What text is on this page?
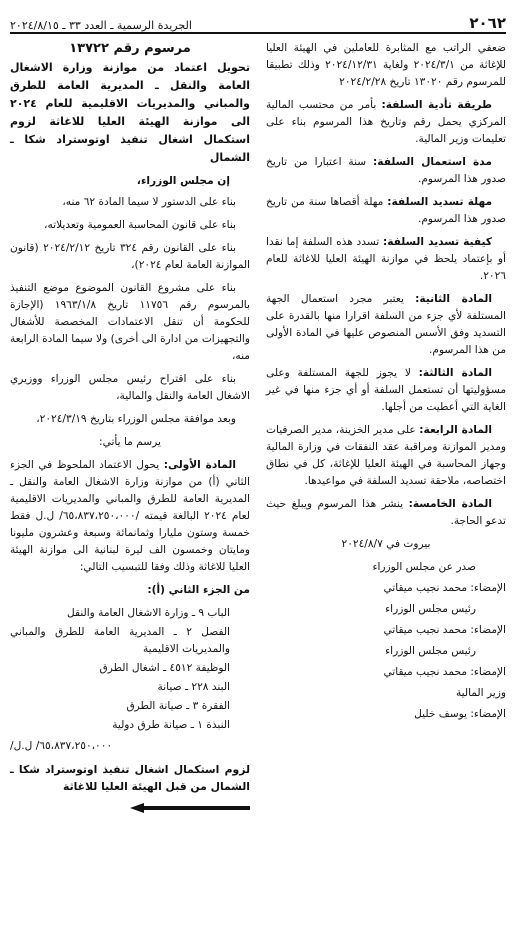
٢٠٦٢
الجريدة الرسمية ـ العدد ٣٣ ـ ٢٠٢٤/٨/١٥

ضعفي الراتب مع المثابرة للعاملين في الهيئة العليا للإغاثة من ٢٠٢٤/٣/١ ولغاية ٢٠٢٤/١٢/٣١ وذلك تطبيقا للمرسوم رقم ١٣٠٢٠ تاريخ ٢٠٢٤/٢/٢٨

طريقة تأدية السلفة: بأمر من محتسب المالية المركزي يحمل رقم وتاريخ هذا المرسوم بناء على تعليمات وزير المالية.

مدة استعمال السلفة: سنة اعتبارا من تاريخ صدور هذا المرسوم.

مهلة تسديد السلفة: مهلة أقصاها سنة من تاريخ صدور هذا المرسوم.

كيفية تسديد السلفة: تسدد هذه السلفة إما نقدا أو بإعتماد يلحظ في موازنة الهيئة العليا للاغاثة للعام ٢٠٢٦.

المادة الثانية: يعتبر مجرد استعمال الجهة المستلفة لأي جزء من السلفة اقرارا منها بالقدرة على التسديد وفق الأسس المنصوص عليها في المادة الأولى من هذا المرسوم.

المادة الثالثة: لا يجوز للجهة المستلفة وعلى مسؤوليتها أن تستعمل السلفة أو أي جزء منها في غير الغاية التي أعطيت من أجلها.

المادة الرابعة: على مدير الخزينة، مدير الصرفيات ومدير الموازنة ومراقبة عقد النفقات في وزارة المالية وجهاز المحاسبة في الهيئة العليا للإغاثة، كل في نطاق اختصاصه، ملاحقة تسديد السلفة في مواعيدها.

المادة الخامسة: ينشر هذا المرسوم ويبلغ حيث تدعو الحاجة.

بيروت في ٢٠٢٤/٨/٧

صدر عن مجلس الوزراء

الإمضاء: محمد نجيب ميقاتي

رئيس مجلس الوزراء

الإمضاء: محمد نجيب ميقاتي

رئيس مجلس الوزراء

الإمضاء: محمد نجيب ميقاتي

وزير المالية

الإمضاء: يوسف خليل

مرسوم رقم ١٣٧٢٢

تحويل اعتماد من موازنة وزارة الاشغال العامة والنقل ـ المديرية العامة للطرق والمباني والمديريات الاقليمية للعام ٢٠٢٤ الى موازنة الهيئة العليا للاغاثة لزوم استكمال اشغال تنفيذ اوتوستراد شكا ـ الشمال

إن مجلس الوزراء،

بناء على الدستور لا سيما المادة ٦٢ منه،

بناء على قانون المحاسبة العمومية وتعديلاته،

بناء على القانون رقم ٣٢٤ تاريخ ٢٠٢٤/٢/١٢ (قانون الموازنة العامة لعام ٢٠٢٤)،

بناء على مشروع القانون الموضوع موضع التنفيذ بالمرسوم رقم ١١٧٥٦ تاريخ ١٩٦٣/١/٨ (الإجازة للحكومة أن تنقل الاعتمادات المخصصة للأشغال والتجهيزات من ادارة الى أخرى) ولا سيما المادة الرابعة منه،

بناء على اقتراح رئيس مجلس الوزراء ووزيري الاشغال العامة والنقل والمالية،

وبعد موافقة مجلس الوزراء بتاريخ ٢٠٢٤/٣/١٩،

يرسم ما يأتي:

المادة الأولى: يحول الاعتماد الملحوظ في الجزء الثاني (أ) من موازنة وزارة الاشغال العامة والنقل ـ المديرية العامة للطرق والمباني والمديريات الاقليمية لعام ٢٠٢٤ البالغة قيمته /٦٥،٨٣٧،٢٥٠،٠٠٠/ ل.ل فقط خمسة وستون مليارا وثمانمائة وسبعة وعشرون مليونا ومايتان وخمسون الف ليرة لبنانية الى موازنة الهيئة العليا للاغاثة وذلك وفقا للتبسيب التالي:

من الجزء الثاني (أ):

الباب ٩ ـ وزارة الاشغال العامة والنقل

الفصل ٢ ـ المديرية العامة للطرق والمباني والمديريات الاقليمية

الوظيفة ٤٥١٢ ـ اشغال الطرق

البند ٢٢٨ ـ صيانة

الفقرة ٣ ـ صيانة الطرق

النبذة ١ ـ صيانة طرق دولية

/٦٥،٨٣٧،٢٥٠،٠٠٠/ ل.ل

لزوم استكمال اشغال تنفيذ اوتوستراد شكا ـ الشمال من قبل الهيئة العليا للاغاثة
